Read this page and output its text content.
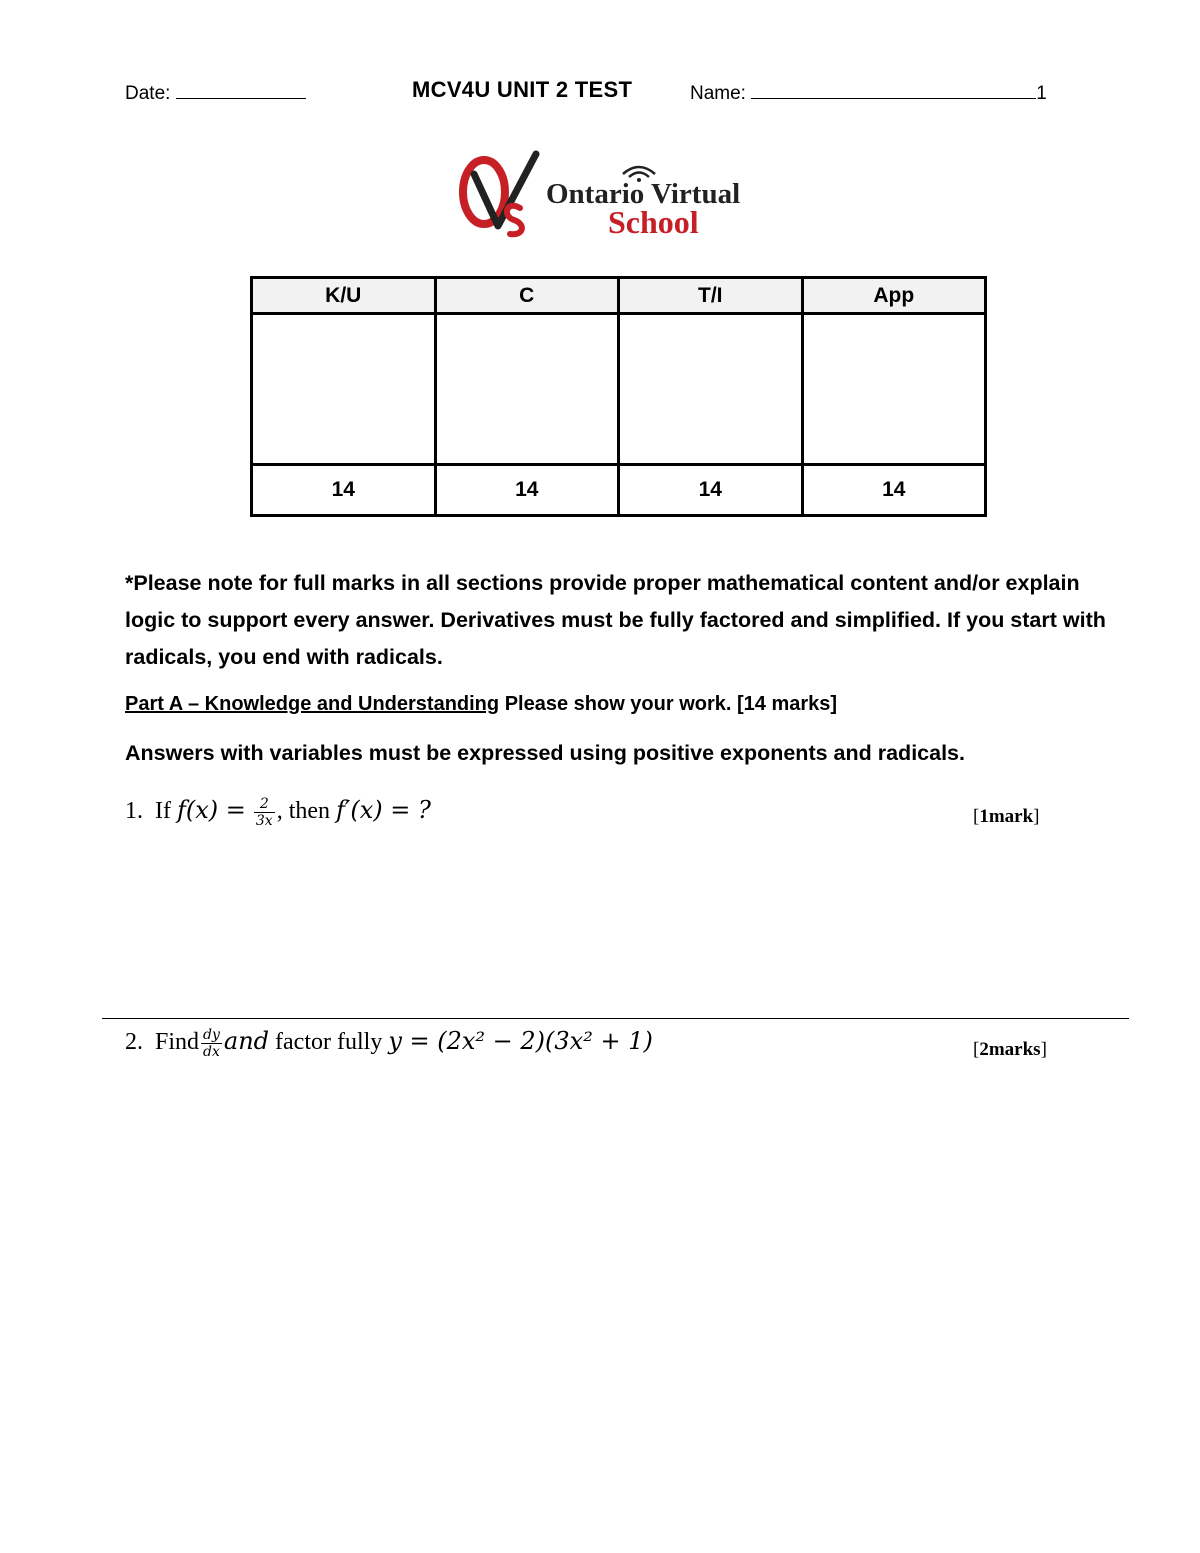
Date:	MCV4U UNIT 2 TEST	Name:	1
Ontario Virtual
School
K/U	C	T/I	App

14	14	14	14
*Please note for full marks in all sections provide proper mathematical content and/or explain logic to support every answer. Derivatives must be fully factored and simplified. If you start with radicals, you end with radicals.
Part A – Knowledge and Understanding Please show your work. [14 marks]
Answers with variables must be expressed using positive exponents and radicals.
1. If $f(x) = \frac{2}{3x}$ , then f′(x) = ?	[1mark]
2. Find $\frac{dy}{dx}$ and factor fully y = (2x² − 2)(3x² + 1)	[2marks]
